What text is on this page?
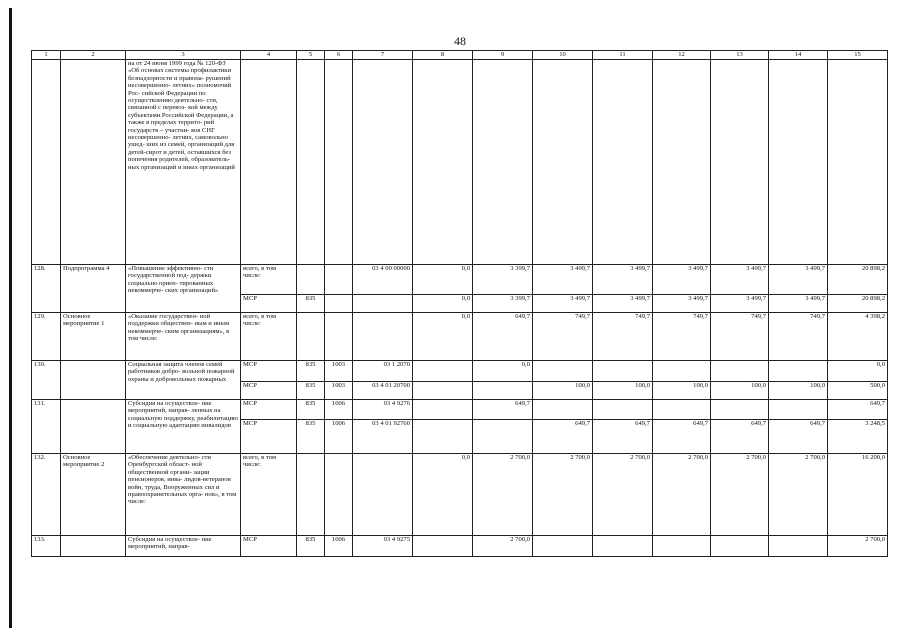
48
1	2	3	4	5	6	7	8	9	10	11	12	13	14	15
		на от 24 июня 1999 года № 120-ФЗ «Об основах системы профилактики безнадзорности и правона- рушений несовершенно- летних» полномочий Рос- сийской Федерации по осуществлению деятельно- сти, связанной с перевоз- кой между субъектами Российской Федерации, а также в пределах террито- рий государств – участни- ков СНГ несовершенно- летних, самовольно ушед- ших из семей, организаций для детей-сирот и детей, оставшихся без попечения родителей, образователь- ных организаций и иных организаций												
128.	Подпрограмма 4	«Повышение эффективно- сти государственной под- держки социально ориен- тированных некоммерче- ских организаций»	всего, в том числе:			03 4 00 00000	0,0	3 399,7	3 499,7	3 499,7	3 499,7	3 499,7	3 499,7	20 898,2
			МСР	835			0,0	3 399,7	3 499,7	3 499,7	3 499,7	3 499,7	3 499,7	20 898,2
129.	Основное мероприятие 1	«Оказание государствен- ной поддержки обществен- ным и иным некоммерче- ским организациям», в том числе:	всего, в том числе:				0,0	649,7	749,7	749,7	749,7	749,7	749,7	4 398,2
130.		Социальная защита членов семей работников добро- вольной пожарной охраны и добровольных пожарных	МСР	835	1003	03 1 2070		0,0						0,0
			МСР	835	1003	03 4 01 20700			100,0	100,0	100,0	100,0	100,0	500,0
131.		Субсидия на осуществле- ние мероприятий, направ- ленных на социальную поддержку, реабилитацию и социальную адаптацию инвалидов	МСР	835	1006	03 4 9276		649,7						649,7
			МСР	835	1006	03 4 01 92760			649,7	649,7	649,7	649,7	649,7	3 248,5
132.	Основное мероприятие 2	«Обеспечение деятельно- сти Оренбургской област- ной общественной органи- зации пенсионеров, инва- лидов-ветеранов войн, труда, Вооруженных сил и правоохранительных орга- нов», в том числе:	всего, в том числе:				0,0	2 700,0	2 700,0	2 700,0	2 700,0	2 700,0	2 700,0	16 200,0
133.		Субсидия на осуществле- ние мероприятий, направ-	МСР	835	1006	03 4 9275		2 700,0						2 700,0
